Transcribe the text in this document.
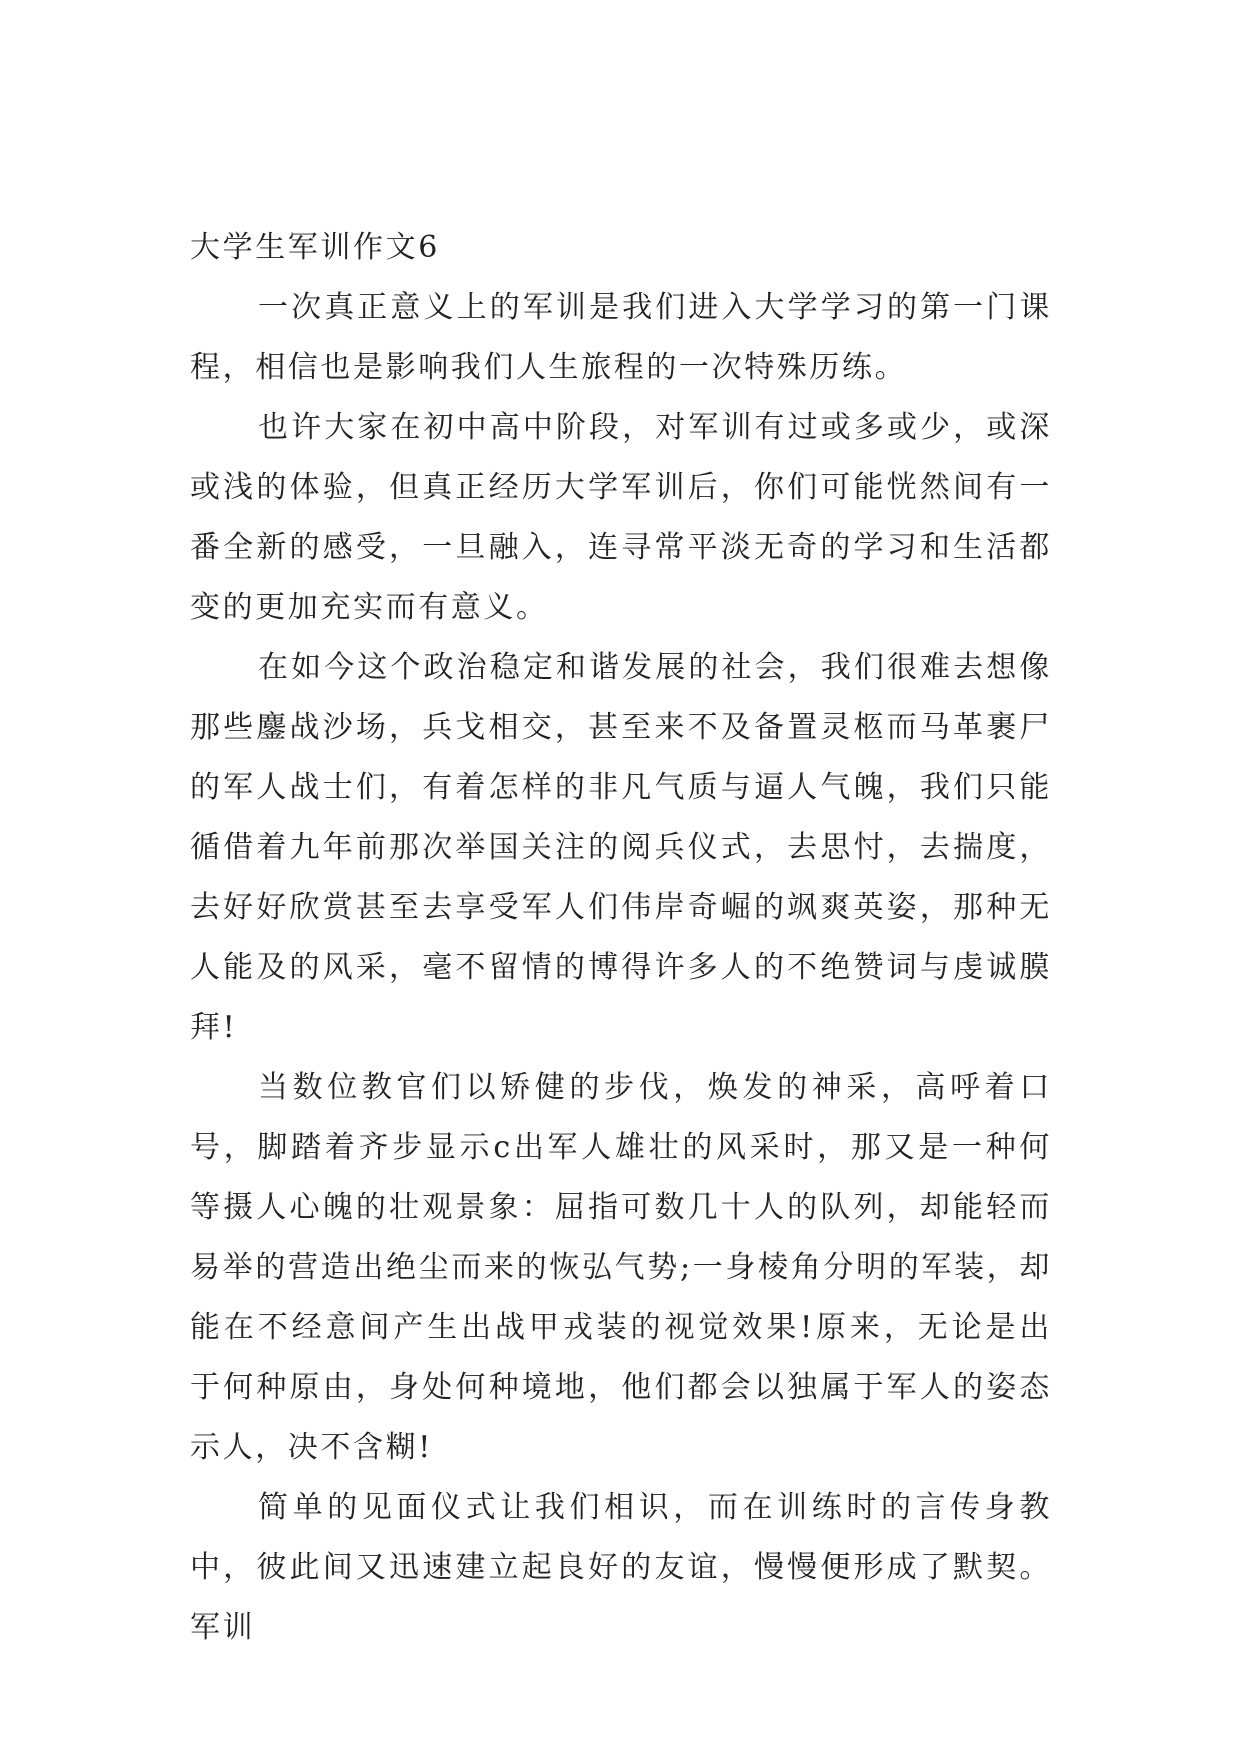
大学生军训作文6

一次真正意义上的军训是我们进入大学学习的第一门课程，相信也是影响我们人生旅程的一次特殊历练。

也许大家在初中高中阶段，对军训有过或多或少，或深或浅的体验，但真正经历大学军训后，你们可能恍然间有一番全新的感受，一旦融入，连寻常平淡无奇的学习和生活都变的更加充实而有意义。

在如今这个政治稳定和谐发展的社会，我们很难去想像那些鏖战沙场，兵戈相交，甚至来不及备置灵柩而马革裹尸的军人战士们，有着怎样的非凡气质与逼人气魄，我们只能循借着九年前那次举国关注的阅兵仪式，去思忖，去揣度，去好好欣赏甚至去享受军人们伟岸奇崛的飒爽英姿，那种无人能及的风采，毫不留情的博得许多人的不绝赞词与虔诚膜拜!

当数位教官们以矫健的步伐，焕发的神采，高呼着口号，脚踏着齐步显示c出军人雄壮的风采时，那又是一种何等摄人心魄的壮观景象：屈指可数几十人的队列，却能轻而易举的营造出绝尘而来的恢弘气势;一身棱角分明的军装，却能在不经意间产生出战甲戎装的视觉效果!原来，无论是出于何种原由，身处何种境地，他们都会以独属于军人的姿态示人，决不含糊!

简单的见面仪式让我们相识，而在训练时的言传身教中，彼此间又迅速建立起良好的友谊，慢慢便形成了默契。军训
